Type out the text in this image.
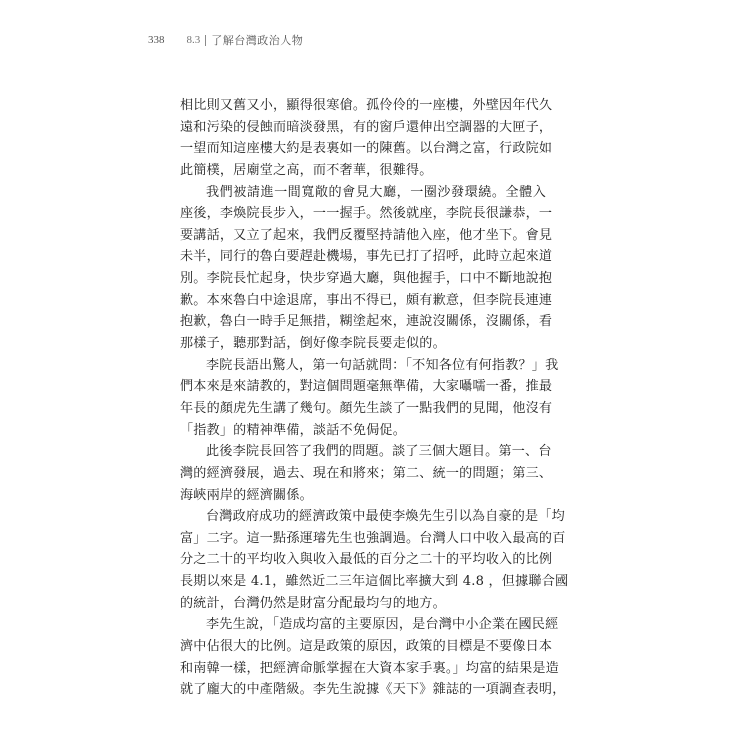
338 8.3 了解台灣政治人物
相比則又舊又小，顯得很寒傖。孤伶伶的一座樓，外壁因年代久
遠和污染的侵蝕而暗淡發黑，有的窗戶還伸出空調器的大匣子，
一望而知這座樓大約是表裏如一的陳舊。以台灣之富，行政院如
此簡樸，居廟堂之高，而不奢華，很難得。
我們被請進一間寬敞的會見大廳，一圈沙發環繞。全體入
座後，李煥院長步入，一一握手。然後就座，李院長很謙恭，一
要講話，又立了起來，我們反覆堅持請他入座，他才坐下。會見
未半，同行的魯白要趕赴機場，事先已打了招呼，此時立起來道
別。李院長忙起身，快步穿過大廳，與他握手，口中不斷地說抱
歉。本來魯白中途退席，事出不得已，頗有歉意，但李院長連連
抱歉，魯白一時手足無措，糊塗起來，連說沒關係，沒關係，看
那樣子，聽那對話，倒好像李院長要走似的。
李院長語出驚人，第一句話就問：「不知各位有何指教？」我
們本來是來請教的，對這個問題毫無準備，大家囁嚅一番，推最
年長的顏虎先生講了幾句。顏先生談了一點我們的見聞，他沒有
「指教」的精神準備，談話不免侷促。
此後李院長回答了我們的問題。談了三個大題目。第一、台
灣的經濟發展，過去、現在和將來；第二、統一的問題；第三、
海峽兩岸的經濟關係。
台灣政府成功的經濟政策中最使李煥先生引以為自豪的是「均
富」二字。這一點孫運璿先生也強調過。台灣人口中收入最高的百
分之二十的平均收入與收入最低的百分之二十的平均收入的比例
長期以來是 4.1，雖然近二三年這個比率擴大到 4.8 ，但據聯合國
的統計，台灣仍然是財富分配最均勻的地方。
李先生說，「造成均富的主要原因，是台灣中小企業在國民經
濟中佔很大的比例。這是政策的原因，政策的目標是不要像日本
和南韓一樣，把經濟命脈掌握在大資本家手裏。」均富的結果是造
就了龐大的中產階級。李先生說據《天下》雜誌的一項調查表明，
